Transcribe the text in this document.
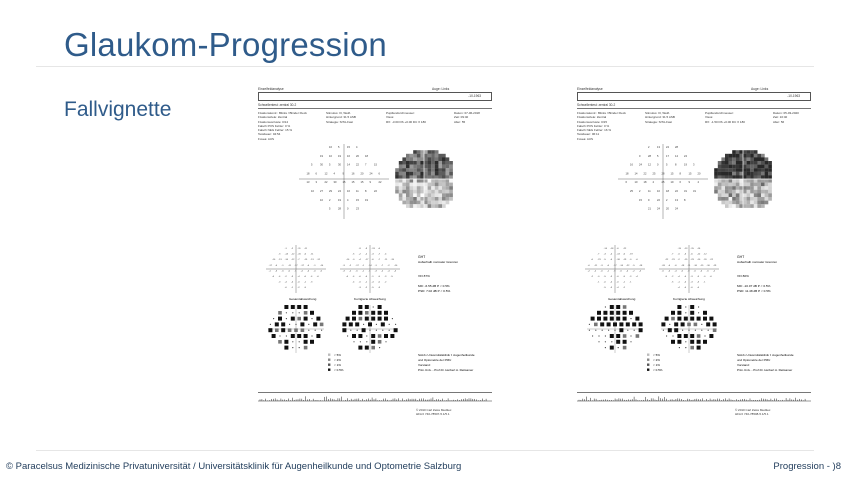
Glaukom-Progression
Fallvignette
Einzelfeldanalyse	Auge: Links
-10-1963
Schwellentest: zentral 30-2
Fixationskontr.: Blinks / Blinder Fleck
Fixationsziele: Zentral
Fixationsverluste: 0/14
Falsch POS Fehler: 0 %
Falsch NEG Fehler: 15 %
Testdauer: 04:54
Fovea: AUS
Stimulus: III, Weiß
Hintergrund: 31.5 ASB
Strategie: SITA-Fast
Pupillendurchmesser:
Visus:
RX: -3.00 DS +0.00 DC X 180
Datum: 07-06-2018
Zeit: 09:40
Alter: 55
16 5	15 4
19 10 19 16 20 18
5	30 5	30 14 22 7	15
18 6	12 4	9	16 20 24 6
13 3	22 30 15 15 15 9	22
10 27 29 24 16 11 8	22
10 2	19 4	15 19
5	28 0	23
-1	-2	-11	-11
-3	-14	-12	-15	-6	-11
-10	-13	-16	-12	-7	-15	-13	-12
-17	-0	-1	-11	-17	-17	-4	-1	-14
-1	-3	-5	-0	-1	-4	-0	-0	-5
-4	-4	-2	-3	-4	-0	-4	-0
-0	-4	-4	-0	-1	-3
-0	-1	-2	-5
-9	-9	-13	-6
-5	-2	-2	-3	-7	-4
-10	-0	-4	-17	-6	-7	-11	-15
-3	-2	-17	-1	-14	-1	-7	-2	-10
-3	-2	-5	-1	-1	-3	-2	-4	-4
-4	-4	-0	-4	-1	-5	-3	-5
-4	-5	-1	-4	-0	-2
-3	-2	-5	-3
GHT
Außerhalb normaler Grenzen
VFI 87%
MD: -6.55 dB P < 0.5%
PSD: 7.02 dB P < 0.5%
Gesamtabweichung	Korrigierte Abweichung
< 5%
< 2%
< 1%
< 0.5%
SALK• Universitätsklinik f. Augenheilkunde
und Optometrie der PMU
Vorstand:
Prim.Univ. - Prof.Dr. Herbert A. Reitsamer
© 2010 Carl Zeiss Meditec
HFA II 740-78507-5.1/5.1
Einzelfeldanalyse	Auge: Links
-10-1963
Schwellentest: zentral 30-2
Fixationskontr.: Blinks / Blinder Fleck
Fixationsziele: Zentral
Fixationsverluste: 0/15
Falsch POS Fehler: 0 %
Falsch NEG Fehler: 16 %
Testdauer: 06:11
Fovea: AUS
Stimulus: III, Weiß
Hintergrund: 31.5 ASB
Strategie: SITA-Fast
Pupillendurchmesser:
Visus:
RX: -1.50 DS +0.00 DC X 180
Datum: 05-03-2020
Zeit: 10:40
Alter: 56
2	13 24 28
0	28 5	17 14 24
16 24 12 0	5	8	19 3
18 14 22 25 28 15 8	15 20
6	10 18 4	25 19 6	9	4
25 2	11 10 18 22 31 31
15 9	22 2	13 8
21 24 20 24
-14	-18	-6	-22
-7	-3	-4	-13	-6	-19
-0	-23	-5	-0	-18	-19	-0	-0
-0	-11	-3	-6	-17	-14	-22	-5	-18
-2	-2	-0	-1	-3	-5	-4	-2	-4
-2	-0	-5	-3	-0	-5	-3	-4
-1	-0	-4	-0	-1	-1
-5	-3	-4	-2
-15	-13	-15	-16
-7	-5	-3	-6	-12	-12
-22	-23	-2	-15	-23	-10	-20	-22
-20	-0	-6	-18	-11	-10	-15	-16	-19
-5	-0	-4	-5	-0	-5	-0	-5	-2
-5	-2	-4	-4	-3	-3	-0	-0
-5	-1	-0	-3	-3	-1
-4	-4	-0	-4
GHT
Außerhalb normaler Grenzen
VFI 80%
MD: -10.07 dB P < 0.5%
PSD: 11.48 dB P < 0.5%
Gesamtabweichung	Korrigierte Abweichung
< 5%
< 2%
< 1%
< 0.5%
SALK• Universitätsklinik f. Augenheilkunde
und Optometrie der PMU
Vorstand:
Prim.Univ. - Prof.Dr. Herbert A. Reitsamer
© 2010 Carl Zeiss Meditec
HFA II 740-78508-5.1/5.1
© Paracelsus Medizinische Privatuniversität / Universitätsklinik für Augenheilkunde und Optometrie Salzburg	Progression - )8
